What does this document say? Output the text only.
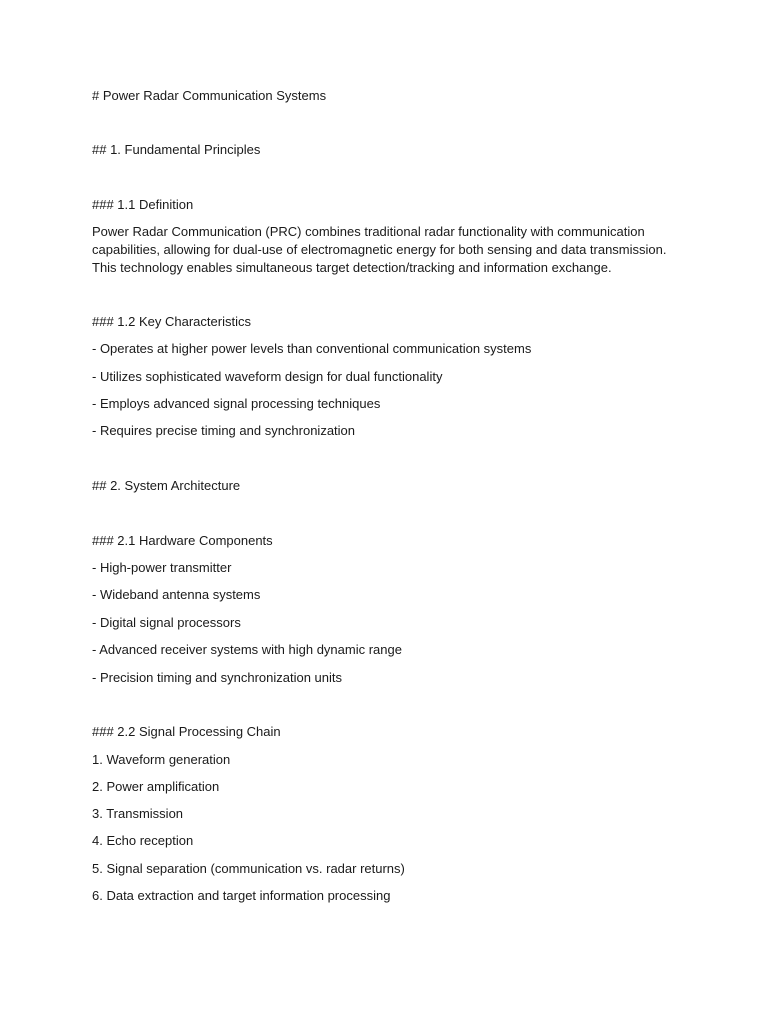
# Power Radar Communication Systems
## 1. Fundamental Principles
### 1.1 Definition
Power Radar Communication (PRC) combines traditional radar functionality with communication
capabilities, allowing for dual-use of electromagnetic energy for both sensing and data transmission.
This technology enables simultaneous target detection/tracking and information exchange.
### 1.2 Key Characteristics
- Operates at higher power levels than conventional communication systems
- Utilizes sophisticated waveform design for dual functionality
- Employs advanced signal processing techniques
- Requires precise timing and synchronization
## 2. System Architecture
### 2.1 Hardware Components
- High-power transmitter
- Wideband antenna systems
- Digital signal processors
- Advanced receiver systems with high dynamic range
- Precision timing and synchronization units
### 2.2 Signal Processing Chain
1. Waveform generation
2. Power amplification
3. Transmission
4. Echo reception
5. Signal separation (communication vs. radar returns)
6. Data extraction and target information processing
